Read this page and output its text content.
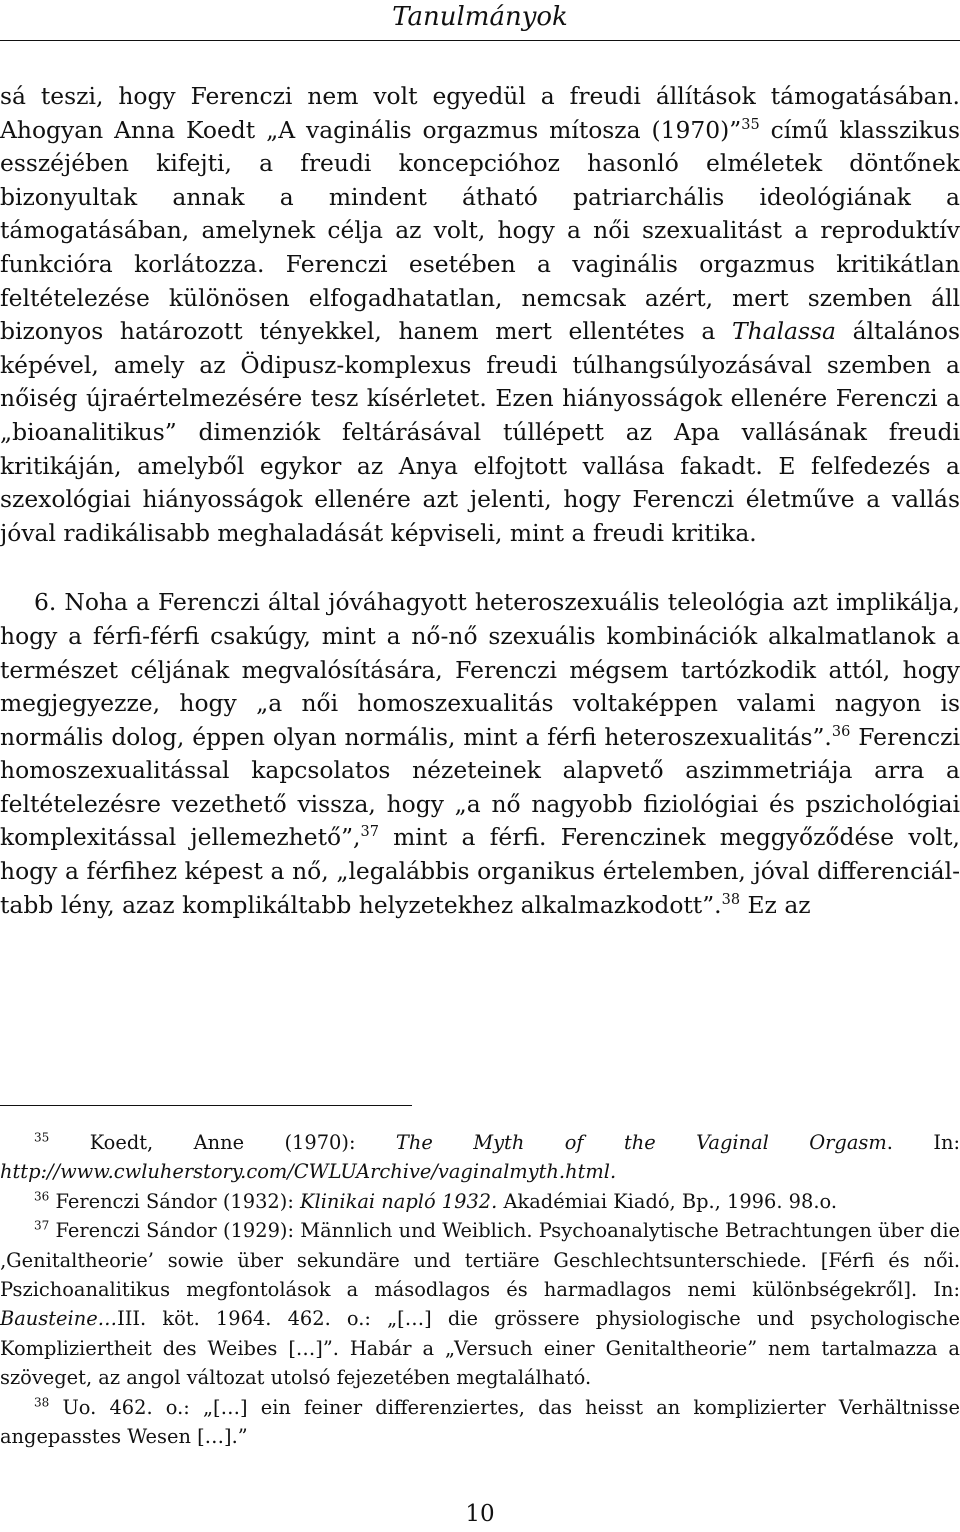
Tanulmányok

sá teszi, hogy Ferenczi nem volt egyedül a freudi állítások támogatásában. Ahogyan Anna Koedt „A vaginális orgazmus mítosza (1970)”$^{35}$ című klasszikus esszéjében kifejti, a freudi koncepcióhoz hasonló elméletek döntőnek bizonyultak annak a mindent átható patriarchális ideológiának a támogatásában, amelynek célja az volt, hogy a női szexualitást a reproduktív funkcióra korlátozza. Ferenczi esetében a vaginális orgazmus kritikátlan feltételezése különösen elfogadhatatlan, nemcsak azért, mert szemben áll bizonyos határozott tényekkel, hanem mert ellentétes a Thalassa általános képével, amely az Ödipusz-komplexus freudi túlhangsúlyozásával szemben a nőiség újraértelmezésére tesz kísérletet. Ezen hiányosságok ellenére Ferenczi a „bioanalitikus” dimenziók feltárásával túllépett az Apa vallásának freudi kritikáján, amelyből egykor az Anya elfojtott vallása fakadt. E felfedezés a szexológiai hiányosságok ellenére azt jelenti, hogy Ferenczi életműve a vallás jóval radikálisabb meghaladását képviseli, mint a freudi kritika.

6. Noha a Ferenczi által jóváhagyott heteroszexuális teleológia azt implikálja, hogy a férfi-férfi csakúgy, mint a nő-nő szexuális kombinációk alkalmatlanok a természet céljának megvalósítására, Ferenczi mégsem tartózkodik attól, hogy megjegyezze, hogy „a női homoszexualitás voltaképpen valami nagyon is normális dolog, éppen olyan normális, mint a férfi heteroszexualitás”.$^{36}$ Ferenczi homoszexualitással kapcsolatos nézeteinek alapvető aszimmetriája arra a feltételezésre vezethető vissza, hogy „a nő nagyobb fiziológiai és pszichológiai komplexitással jellemezhető”,$^{37}$ mint a férfi. Ferenczinek meggyőződése volt, hogy a férfihez képest a nő, „legalábbis organikus értelemben, jóval differenciáltabb lény, azaz komplikáltabb helyzetekhez alkalmazkodott”.$^{38}$ Ez az

$^{35}$ Koedt, Anne (1970): The Myth of the Vaginal Orgasm. In: http://www.cwluherstory.com/CWLUArchive/vaginalmyth.html.

$^{36}$ Ferenczi Sándor (1932): Klinikai napló 1932. Akadémiai Kiadó, Bp., 1996. 98.o.

$^{37}$ Ferenczi Sándor (1929): Männlich und Weiblich. Psychoanalytische Betrachtungen über die ‚Genitaltheorie’ sowie über sekundäre und tertiäre Geschlechtsunterschiede. [Férfi és női. Pszichoanalitikus megfontolások a másodlagos és harmadlagos nemi különbségekről]. In: Bausteine…III. köt. 1964. 462. o.: „[…] die grössere physiologische und psychologische Kompliziertheit des Weibes […]”. Habár a „Versuch einer Genitaltheorie” nem tartalmazza a szöveget, az angol változat utolsó fejezetében megtalálható.

$^{38}$ Uo. 462. o.: „[…] ein feiner differenziertes, das heisst an komplizierter Verhältnisse angepasstes Wesen […].”

10
